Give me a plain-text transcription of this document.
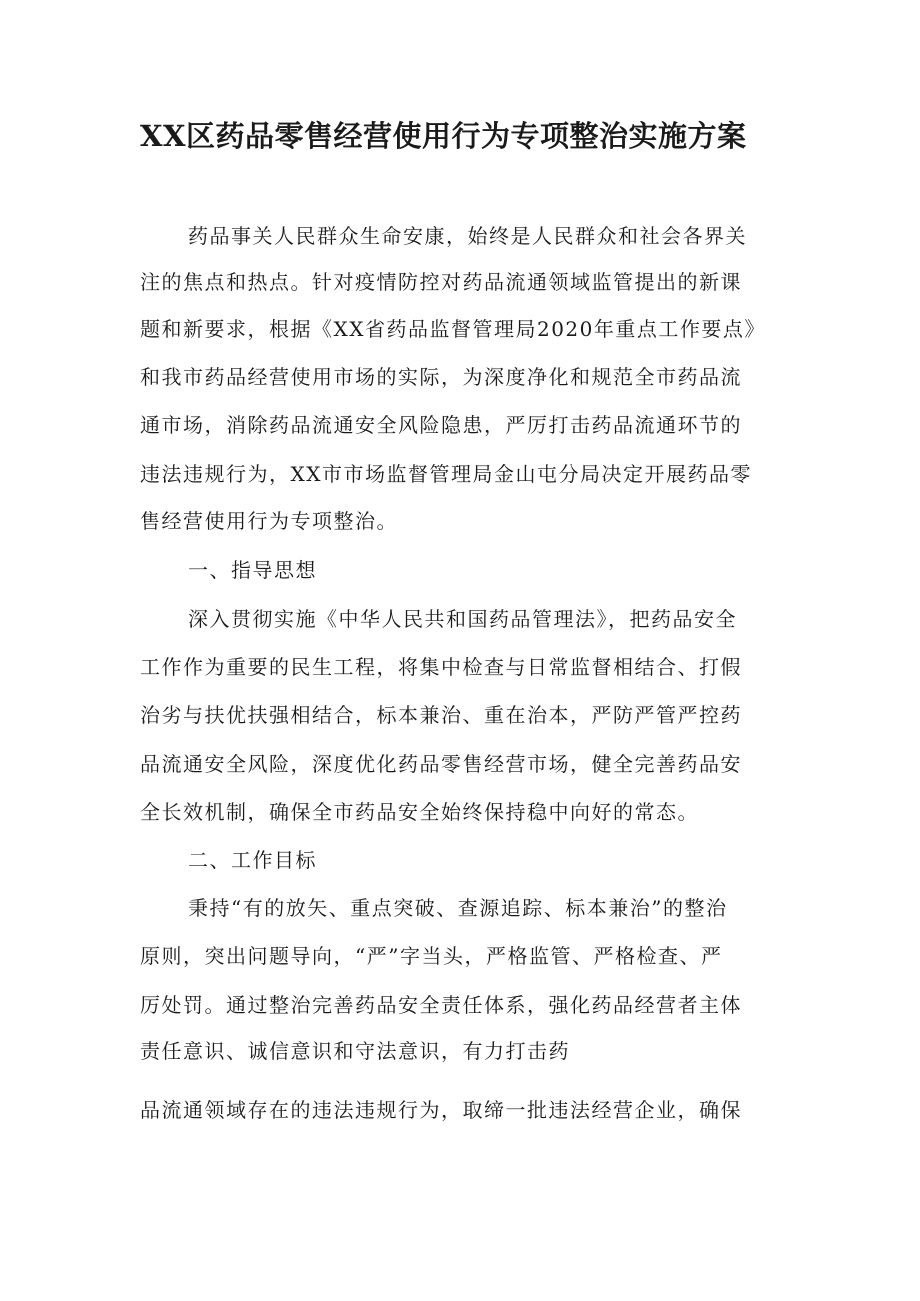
XX区药品零售经营使用行为专项整治实施方案
药品事关人民群众生命安康，始终是人民群众和社会各界关
注的焦点和热点。针对疫情防控对药品流通领域监管提出的新课
题和新要求，根据《XX省药品监督管理局2020年重点工作要点》
和我市药品经营使用市场的实际，为深度净化和规范全市药品流
通市场，消除药品流通安全风险隐患，严厉打击药品流通环节的
违法违规行为，XX市市场监督管理局金山屯分局决定开展药品零
售经营使用行为专项整治。
一、指导思想
深入贯彻实施《中华人民共和国药品管理法》，把药品安全
工作作为重要的民生工程，将集中检查与日常监督相结合、打假
治劣与扶优扶强相结合，标本兼治、重在治本，严防严管严控药
品流通安全风险，深度优化药品零售经营市场，健全完善药品安
全长效机制，确保全市药品安全始终保持稳中向好的常态。
二、工作目标
秉持“有的放矢、重点突破、查源追踪、标本兼治”的整治
原则，突出问题导向，“严”字当头，严格监管、严格检查、严
厉处罚。通过整治完善药品安全责任体系，强化药品经营者主体
责任意识、诚信意识和守法意识，有力打击药
品流通领域存在的违法违规行为，取缔一批违法经营企业，确保
